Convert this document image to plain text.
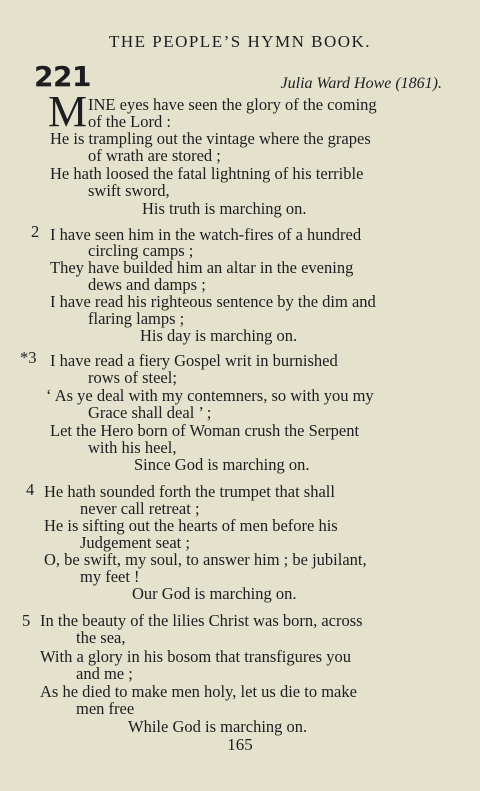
THE PEOPLE’S HYMN BOOK.
221	Julia Ward Howe (1861).
M INE eyes have seen the glory of the coming
of the Lord :
He is trampling out the vintage where the grapes
of wrath are stored ;
He hath loosed the fatal lightning of his terrible
swift sword,
His truth is marching on.
2 I have seen him in the watch-fires of a hundred
circling camps ;
They have builded him an altar in the evening
dews and damps ;
I have read his righteous sentence by the dim and
flaring lamps ;
His day is marching on.
*3 I have read a fiery Gospel writ in burnished
rows of steel;
‘ As ye deal with my contemners, so with you my
Grace shall deal ’ ;
Let the Hero born of Woman crush the Serpent
with his heel,
Since God is marching on.
4 He hath sounded forth the trumpet that shall
never call retreat ;
He is sifting out the hearts of men before his
Judgement seat ;
O, be swift, my soul, to answer him ; be jubilant,
my feet !
Our God is marching on.
5 In the beauty of the lilies Christ was born, across
the sea,
With a glory in his bosom that transfigures you
and me ;
As he died to make men holy, let us die to make
men free
While God is marching on.
165
